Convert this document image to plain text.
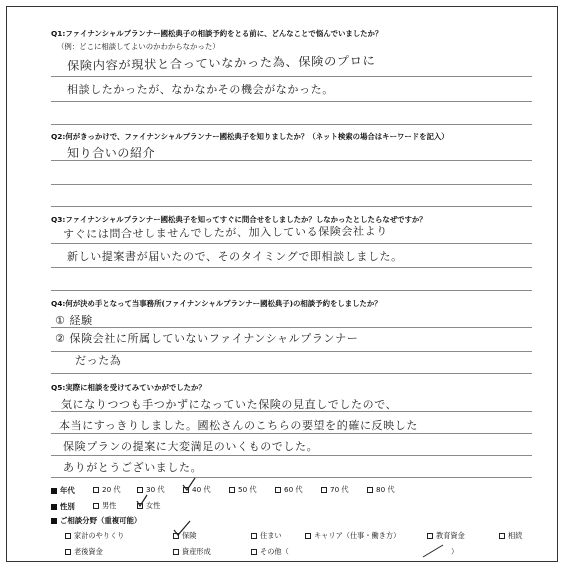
Q1:ファイナンシャルプランナー國松典子の相談予約をとる前に、どんなことで悩んでいましたか？
（例：どこに相談してよいのかわからなかった）
保険内容が現状と合っていなかった為、保険のプロに
相談したかったが、なかなかその機会がなかった。
Q2:何がきっかけで、ファイナンシャルプランナー國松典子を知りましたか？（ネット検索の場合はキーワードを記入）
知り合いの紹介
Q3:ファイナンシャルプランナー國松典子を知ってすぐに問合せをしましたか？しなかったとしたらなぜですか？
すぐには問合せしませんでしたが、加入している保険会社より
新しい提案書が届いたので、そのタイミングで即相談しました。
Q4:何が決め手となって当事務所(ファイナンシャルプランナー國松典子)の相談予約をしましたか？
① 経験
② 保険会社に所属していないファイナンシャルプランナー
だった為
Q5:実際に相談を受けてみていかがでしたか？
気になりつつも手つかずになっていた保険の見直しでしたので、
本当にすっきりしました。國松さんのこちらの要望を的確に反映した
保険プランの提案に大変満足のいくものでした。
ありがとうございました。
年代	20 代	30 代	40 代	50 代	60 代	70 代	80 代
性別	男性	女性
ご相談分野（重複可能）
家計のやりくり	保険	住まい	キャリア（仕事・働き方）	教育資金	相続
老後資金	資産形成	その他（	）
